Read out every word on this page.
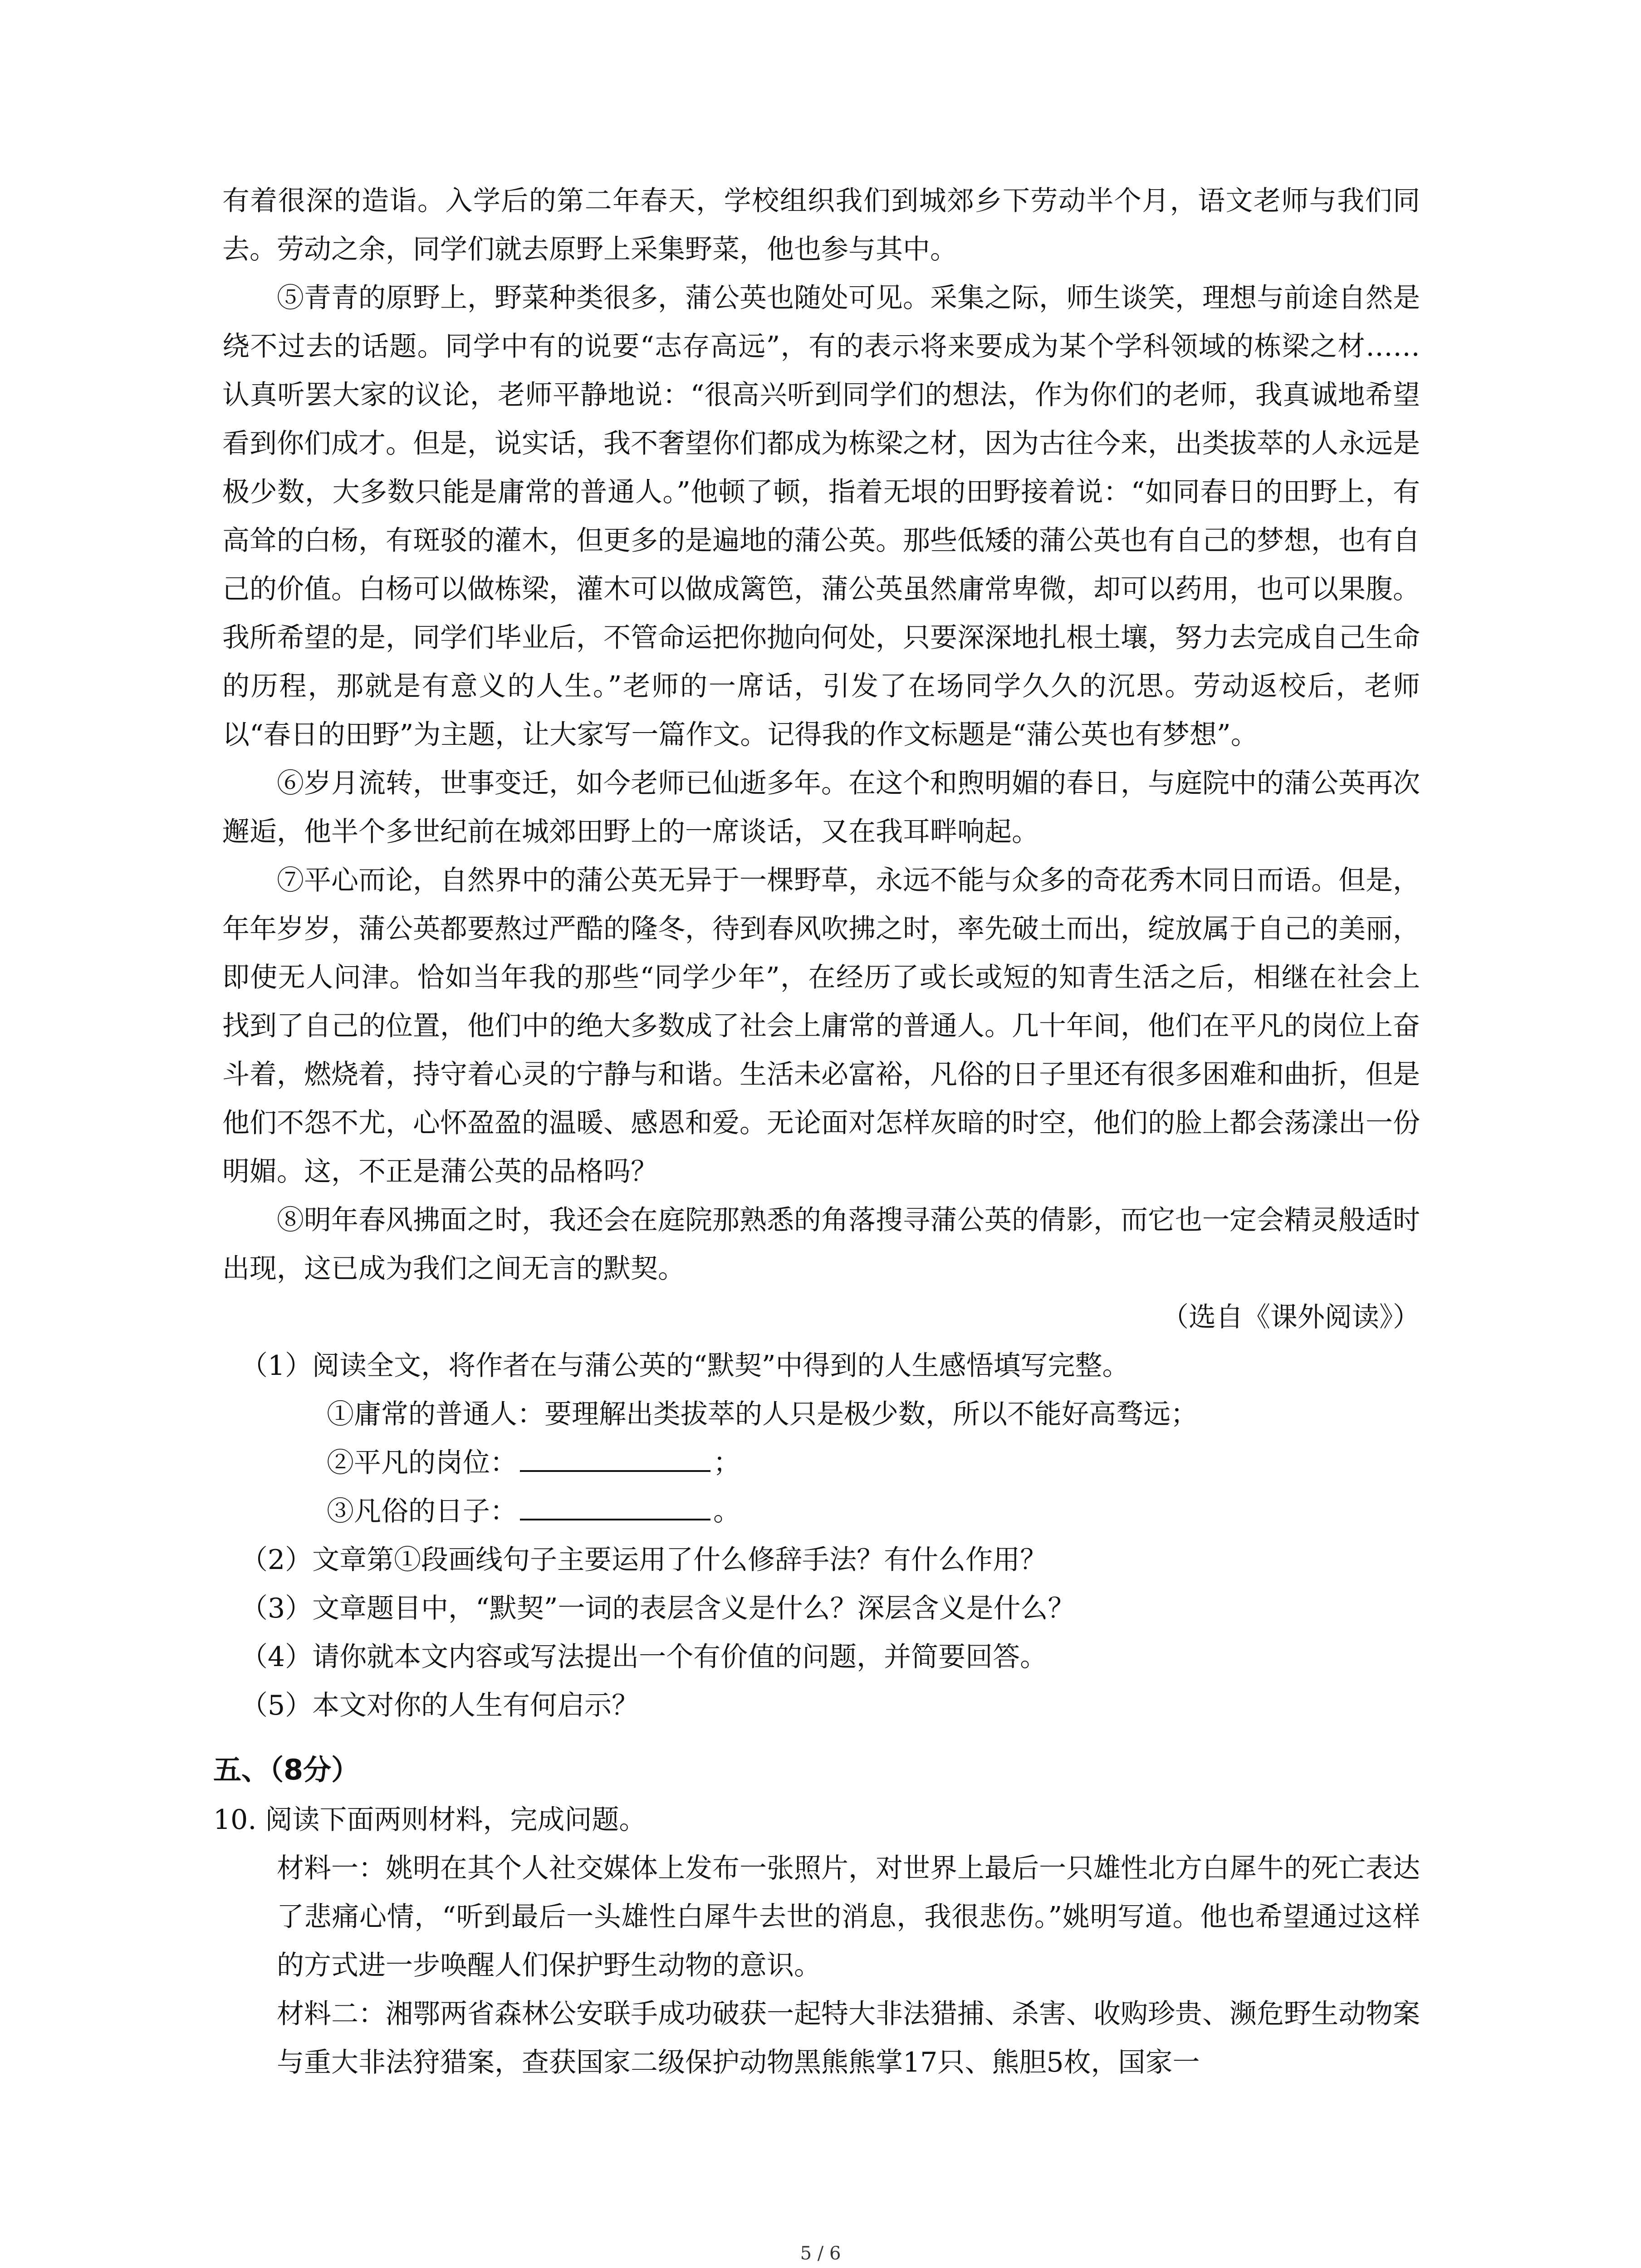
有着很深的造诣。入学后的第二年春天，学校组织我们到城郊乡下劳动半个月，语文老师与我们同去。劳动之余，同学们就去原野上采集野菜，他也参与其中。

⑤青青的原野上，野菜种类很多，蒲公英也随处可见。采集之际，师生谈笑，理想与前途自然是绕不过去的话题。同学中有的说要“志存高远”，有的表示将来要成为某个学科领域的栋梁之材……认真听罢大家的议论，老师平静地说：“很高兴听到同学们的想法，作为你们的老师，我真诚地希望看到你们成才。但是，说实话，我不奢望你们都成为栋梁之材，因为古往今来，出类拔萃的人永远是极少数，大多数只能是庸常的普通人。”他顿了顿，指着无垠的田野接着说：“如同春日的田野上，有高耸的白杨，有斑驳的灌木，但更多的是遍地的蒲公英。那些低矮的蒲公英也有自己的梦想，也有自己的价值。白杨可以做栋梁，灌木可以做成篱笆，蒲公英虽然庸常卑微，却可以药用，也可以果腹。我所希望的是，同学们毕业后，不管命运把你抛向何处，只要深深地扎根土壤，努力去完成自己生命的历程，那就是有意义的人生。”老师的一席话，引发了在场同学久久的沉思。劳动返校后，老师以“春日的田野”为主题，让大家写一篇作文。记得我的作文标题是“蒲公英也有梦想”。

⑥岁月流转，世事变迁，如今老师已仙逝多年。在这个和煦明媚的春日，与庭院中的蒲公英再次邂逅，他半个多世纪前在城郊田野上的一席谈话，又在我耳畔响起。

⑦平心而论，自然界中的蒲公英无异于一棵野草，永远不能与众多的奇花秀木同日而语。但是，年年岁岁，蒲公英都要熬过严酷的隆冬，待到春风吹拂之时，率先破土而出，绽放属于自己的美丽，即使无人问津。恰如当年我的那些“同学少年”，在经历了或长或短的知青生活之后，相继在社会上找到了自己的位置，他们中的绝大多数成了社会上庸常的普通人。几十年间，他们在平凡的岗位上奋斗着，燃烧着，持守着心灵的宁静与和谐。生活未必富裕，凡俗的日子里还有很多困难和曲折，但是他们不怨不尤，心怀盈盈的温暖、感恩和爱。无论面对怎样灰暗的时空，他们的脸上都会荡漾出一份明媚。这，不正是蒲公英的品格吗？

⑧明年春风拂面之时，我还会在庭院那熟悉的角落搜寻蒲公英的倩影，而它也一定会精灵般适时出现，这已成为我们之间无言的默契。

（选自《课外阅读》）

（1）阅读全文，将作者在与蒲公英的“默契”中得到的人生感悟填写完整。

①庸常的普通人：要理解出类拔萃的人只是极少数，所以不能好高骛远；

②平凡的岗位：	；

③凡俗的日子：	。

（2）文章第①段画线句子主要运用了什么修辞手法？有什么作用？

（3）文章题目中，“默契”一词的表层含义是什么？深层含义是什么？

（4）请你就本文内容或写法提出一个有价值的问题，并简要回答。

（5）本文对你的人生有何启示？

五、（8分）

10. 阅读下面两则材料，完成问题。

材料一：姚明在其个人社交媒体上发布一张照片，对世界上最后一只雄性北方白犀牛的死亡表达了悲痛心情，“听到最后一头雄性白犀牛去世的消息，我很悲伤。”姚明写道。他也希望通过这样的方式进一步唤醒人们保护野生动物的意识。

材料二：湘鄂两省森林公安联手成功破获一起特大非法猎捕、杀害、收购珍贵、濒危野生动物案与重大非法狩猎案，查获国家二级保护动物黑熊熊掌17只、熊胆5枚，国家一

5 / 6
